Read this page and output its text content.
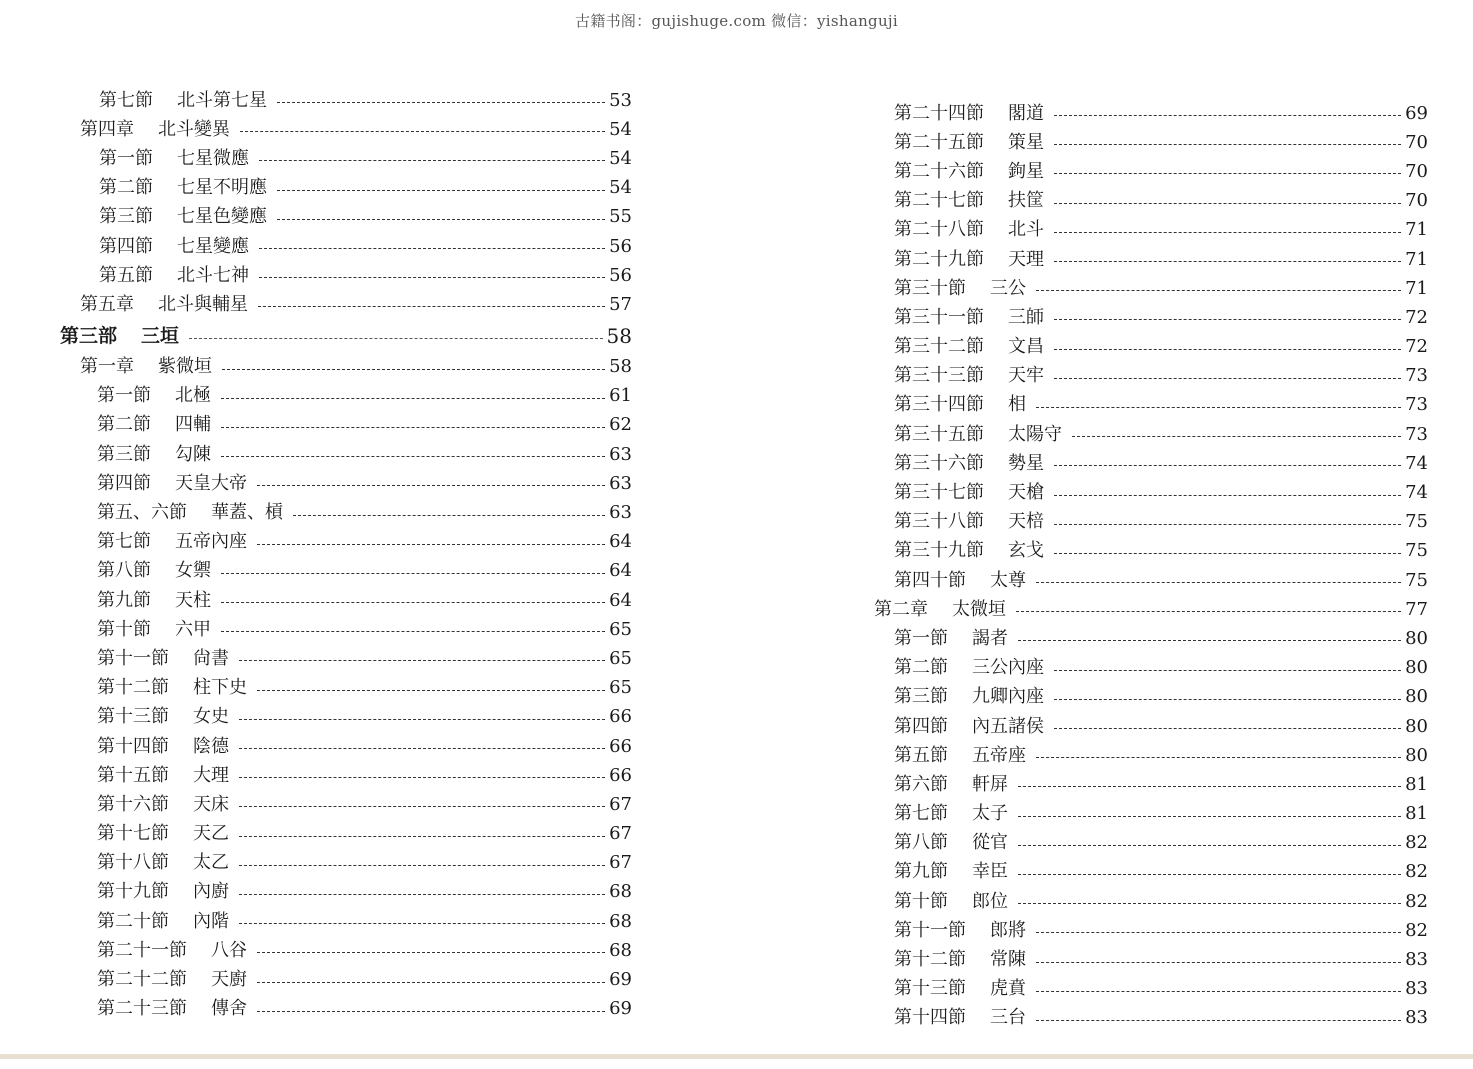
古籍书阁：gujishuge.com 微信：yishanguji
第七節 北斗第七星	53
第四章 北斗變異	54
第一節 七星微應	54
第二節 七星不明應	54
第三節 七星色變應	55
第四節 七星變應	56
第五節 北斗七神	56
第五章 北斗與輔星	57
第三部 三垣	58
第一章 紫微垣	58
第一節 北極	61
第二節 四輔	62
第三節 勾陳	63
第四節 天皇大帝	63
第五、六節 華蓋、槓	63
第七節 五帝內座	64
第八節 女禦	64
第九節 天柱	64
第十節 六甲	65
第十一節 尙書	65
第十二節 柱下史	65
第十三節 女史	66
第十四節 陰德	66
第十五節 大理	66
第十六節 天床	67
第十七節 天乙	67
第十八節 太乙	67
第十九節 內廚	68
第二十節 內階	68
第二十一節 八谷	68
第二十二節 天廚	69
第二十三節 傳舍	69
第二十四節 閣道	69
第二十五節 策星	70
第二十六節 鉤星	70
第二十七節 扶筐	70
第二十八節 北斗	71
第二十九節 天理	71
第三十節 三公	71
第三十一節 三師	72
第三十二節 文昌	72
第三十三節 天牢	73
第三十四節 相	73
第三十五節 太陽守	73
第三十六節 勢星	74
第三十七節 天槍	74
第三十八節 天棓	75
第三十九節 玄戈	75
第四十節 太尊	75
第二章 太微垣	77
第一節 謁者	80
第二節 三公內座	80
第三節 九卿內座	80
第四節 內五諸侯	80
第五節 五帝座	80
第六節 軒屏	81
第七節 太子	81
第八節 從官	82
第九節 幸臣	82
第十節 郎位	82
第十一節 郎將	82
第十二節 常陳	83
第十三節 虎賁	83
第十四節 三台	83
